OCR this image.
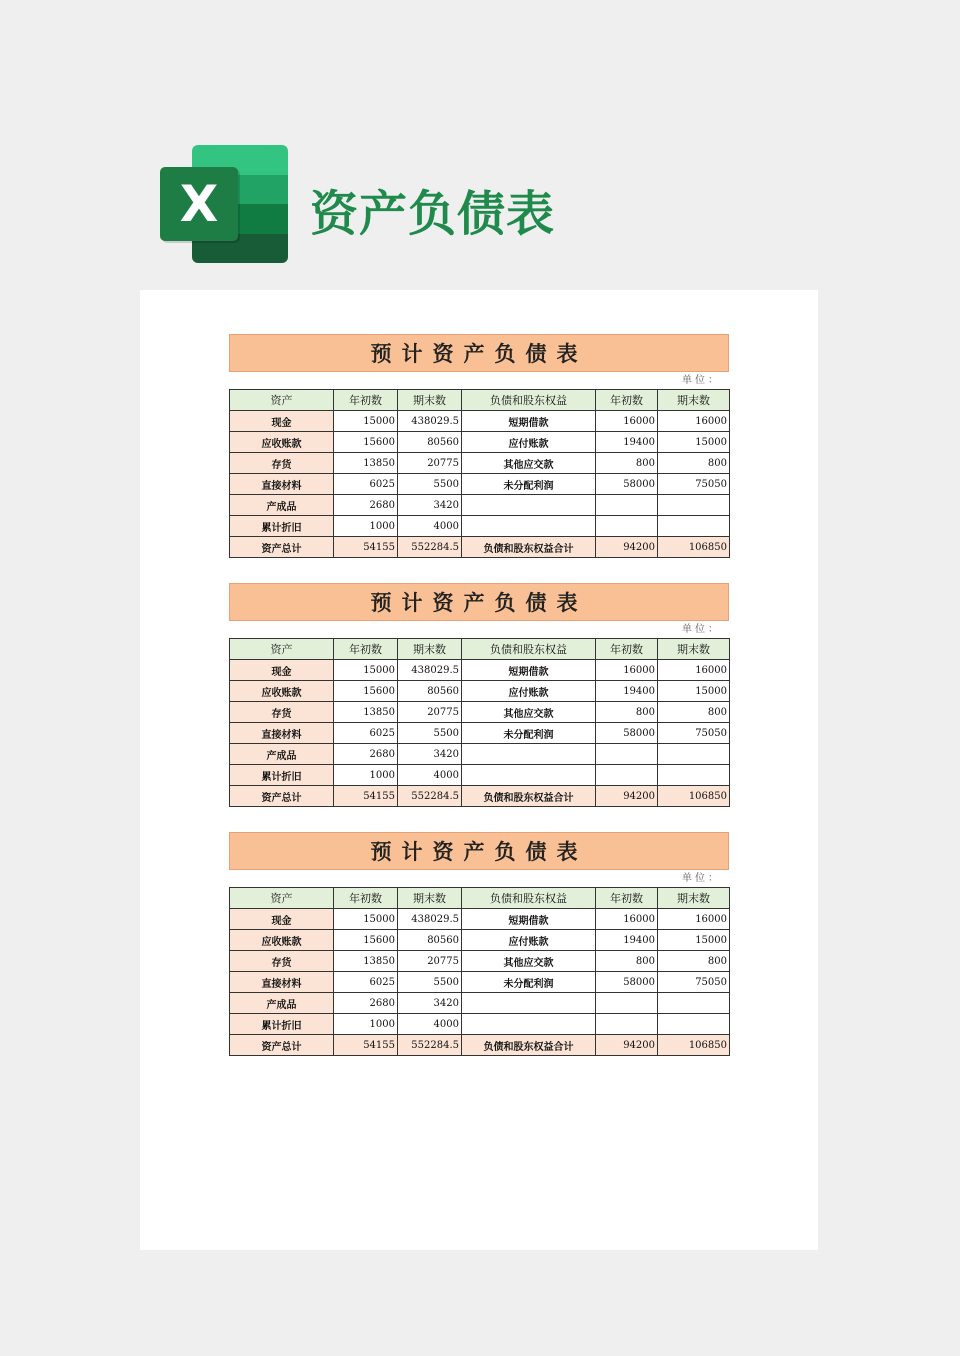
X	资产负债表
预计资产负债表
单位：
资产	年初数	期末数	负债和股东权益	年初数	期末数
现金	15000	438029.5	短期借款	16000	16000
应收账款	15600	80560	应付账款	19400	15000
存货	13850	20775	其他应交款	800	800
直接材料	6025	5500	未分配利润	58000	75050
产成品	2680	3420			
累计折旧	1000	4000			
资产总计	54155	552284.5	负债和股东权益合计	94200	106850
预计资产负债表
单位：
资产	年初数	期末数	负债和股东权益	年初数	期末数
现金	15000	438029.5	短期借款	16000	16000
应收账款	15600	80560	应付账款	19400	15000
存货	13850	20775	其他应交款	800	800
直接材料	6025	5500	未分配利润	58000	75050
产成品	2680	3420			
累计折旧	1000	4000			
资产总计	54155	552284.5	负债和股东权益合计	94200	106850
预计资产负债表
单位：
资产	年初数	期末数	负债和股东权益	年初数	期末数
现金	15000	438029.5	短期借款	16000	16000
应收账款	15600	80560	应付账款	19400	15000
存货	13850	20775	其他应交款	800	800
直接材料	6025	5500	未分配利润	58000	75050
产成品	2680	3420			
累计折旧	1000	4000			
资产总计	54155	552284.5	负债和股东权益合计	94200	106850
